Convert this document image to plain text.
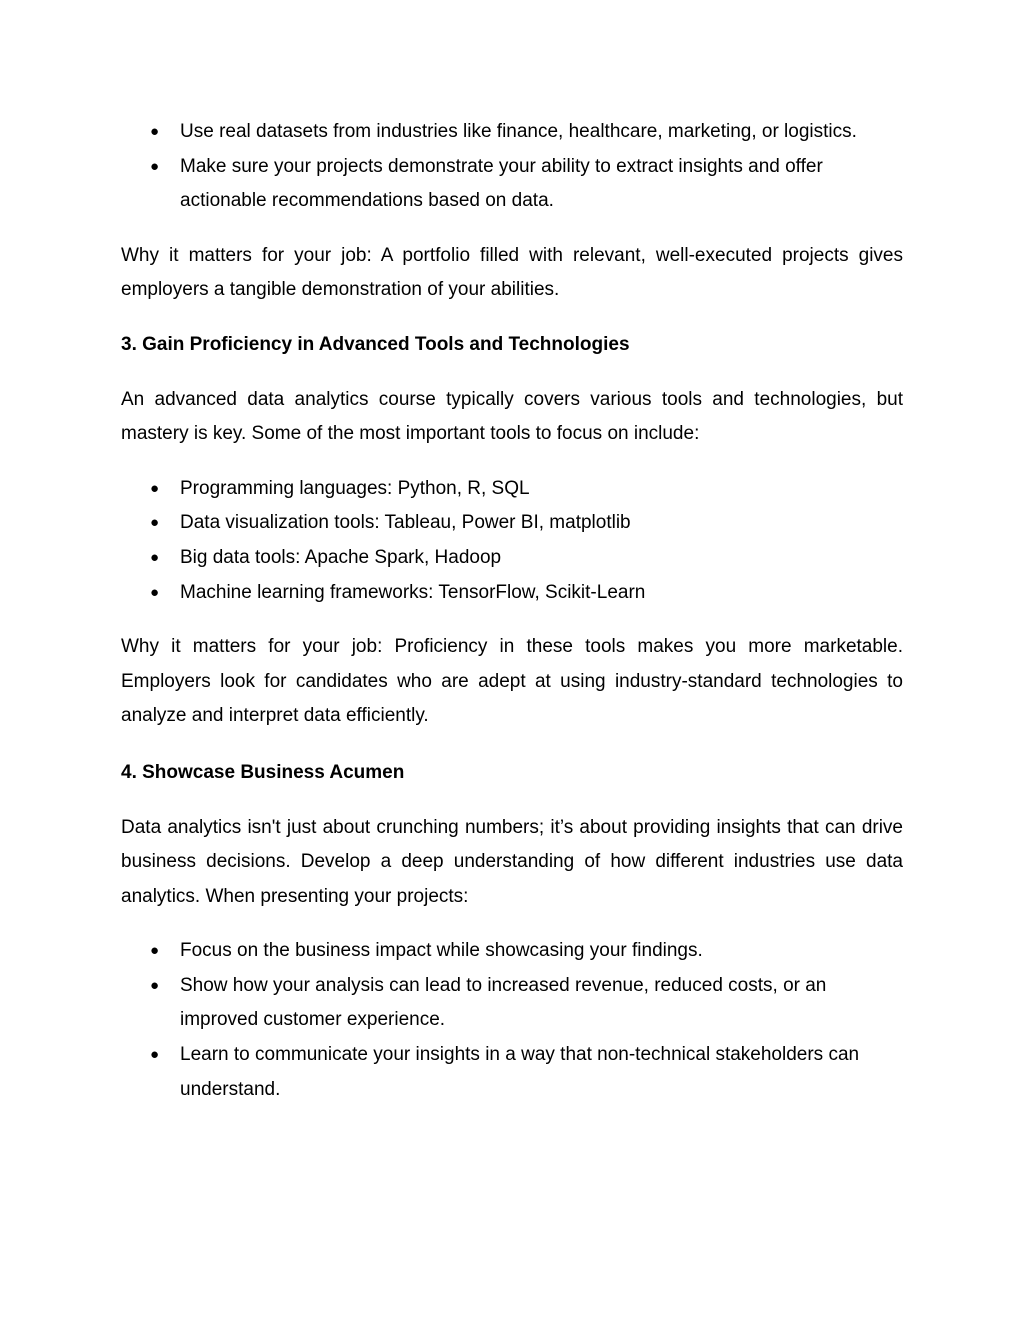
● Use real datasets from industries like finance, healthcare, marketing, or logistics.
● Make sure your projects demonstrate your ability to extract insights and offer actionable recommendations based on data.

Why it matters for your job: A portfolio filled with relevant, well-executed projects gives employers a tangible demonstration of your abilities.

3. Gain Proficiency in Advanced Tools and Technologies

An advanced data analytics course typically covers various tools and technologies, but mastery is key. Some of the most important tools to focus on include:

● Programming languages: Python, R, SQL
● Data visualization tools: Tableau, Power BI, matplotlib
● Big data tools: Apache Spark, Hadoop
● Machine learning frameworks: TensorFlow, Scikit-Learn

Why it matters for your job: Proficiency in these tools makes you more marketable. Employers look for candidates who are adept at using industry-standard technologies to analyze and interpret data efficiently.

4. Showcase Business Acumen

Data analytics isn't just about crunching numbers; it’s about providing insights that can drive business decisions. Develop a deep understanding of how different industries use data analytics. When presenting your projects:

● Focus on the business impact while showcasing your findings.
● Show how your analysis can lead to increased revenue, reduced costs, or an improved customer experience.
● Learn to communicate your insights in a way that non-technical stakeholders can understand.
